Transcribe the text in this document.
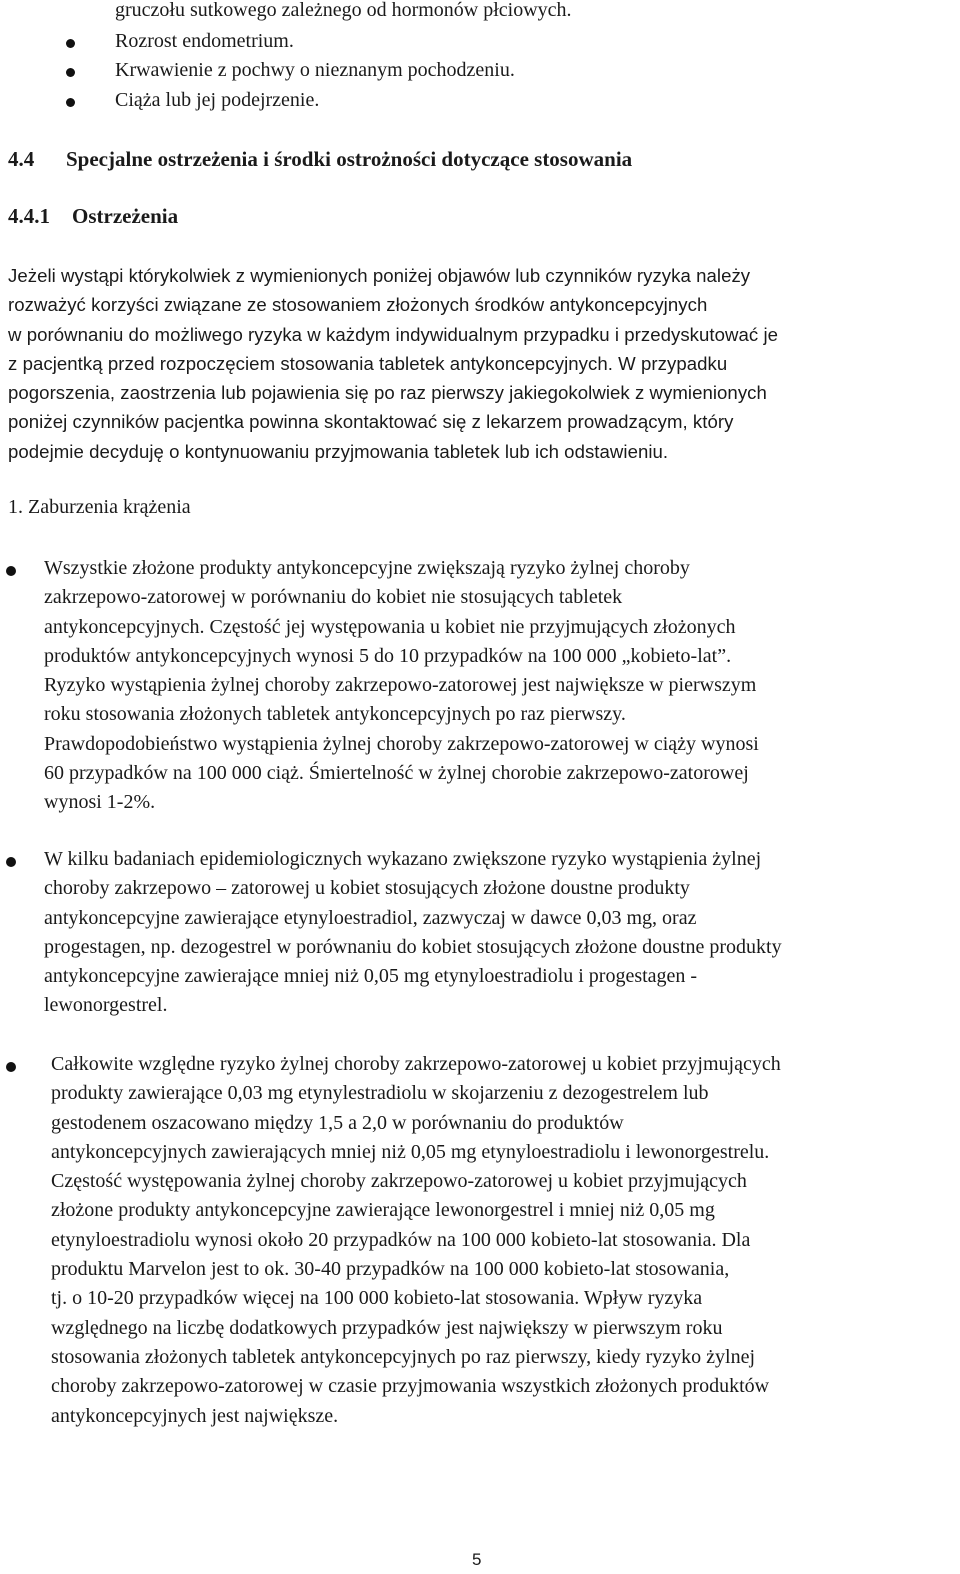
gruczołu sutkowego zależnego od hormonów płciowych.
Rozrost endometrium.
Krwawienie z pochwy o nieznanym pochodzeniu.
Ciąża lub jej podejrzenie.
4.4 Specjalne ostrzeżenia i środki ostrożności dotyczące stosowania
4.4.1 Ostrzeżenia
Jeżeli wystąpi którykolwiek z wymienionych poniżej objawów lub czynników ryzyka należy
rozważyć korzyści związane ze stosowaniem złożonych środków antykoncepcyjnych
w porównaniu do możliwego ryzyka w każdym indywidualnym przypadku i przedyskutować je
z pacjentką przed rozpoczęciem stosowania tabletek antykoncepcyjnych. W przypadku
pogorszenia, zaostrzenia lub pojawienia się po raz pierwszy jakiegokolwiek z wymienionych
poniżej czynników pacjentka powinna skontaktować się z lekarzem prowadzącym, który
podejmie decyduję o kontynuowaniu przyjmowania tabletek lub ich odstawieniu.
1. Zaburzenia krążenia
Wszystkie złożone produkty antykoncepcyjne zwiększają ryzyko żylnej choroby
zakrzepowo-zatorowej w porównaniu do kobiet nie stosujących tabletek
antykoncepcyjnych. Częstość jej występowania u kobiet nie przyjmujących złożonych
produktów antykoncepcyjnych wynosi 5 do 10 przypadków na 100 000 „kobieto-lat”.
Ryzyko wystąpienia żylnej choroby zakrzepowo-zatorowej jest największe w pierwszym
roku stosowania złożonych tabletek antykoncepcyjnych po raz pierwszy.
Prawdopodobieństwo wystąpienia żylnej choroby zakrzepowo-zatorowej w ciąży wynosi
60 przypadków na 100 000 ciąż. Śmiertelność w żylnej chorobie zakrzepowo-zatorowej
wynosi 1-2%.
W kilku badaniach epidemiologicznych wykazano zwiększone ryzyko wystąpienia żylnej
choroby zakrzepowo – zatorowej u kobiet stosujących złożone doustne produkty
antykoncepcyjne zawierające etynyloestradiol, zazwyczaj w dawce 0,03 mg, oraz
progestagen, np. dezogestrel w porównaniu do kobiet stosujących złożone doustne produkty
antykoncepcyjne zawierające mniej niż 0,05 mg etynyloestradiolu i progestagen -
lewonorgestrel.
Całkowite względne ryzyko żylnej choroby zakrzepowo-zatorowej u kobiet przyjmujących
produkty zawierające 0,03 mg etynylestradiolu w skojarzeniu z dezogestrelem lub
gestodenem oszacowano między 1,5 a 2,0 w porównaniu do produktów
antykoncepcyjnych zawierających mniej niż 0,05 mg etynyloestradiolu i lewonorgestrelu.
Częstość występowania żylnej choroby zakrzepowo-zatorowej u kobiet przyjmujących
złożone produkty antykoncepcyjne zawierające lewonorgestrel i mniej niż 0,05 mg
etynyloestradiolu wynosi około 20 przypadków na 100 000 kobieto-lat stosowania. Dla
produktu Marvelon jest to ok. 30-40 przypadków na 100 000 kobieto-lat stosowania,
tj. o 10-20 przypadków więcej na 100 000 kobieto-lat stosowania. Wpływ ryzyka
względnego na liczbę dodatkowych przypadków jest największy w pierwszym roku
stosowania złożonych tabletek antykoncepcyjnych po raz pierwszy, kiedy ryzyko żylnej
choroby zakrzepowo-zatorowej w czasie przyjmowania wszystkich złożonych produktów
antykoncepcyjnych jest największe.
5
